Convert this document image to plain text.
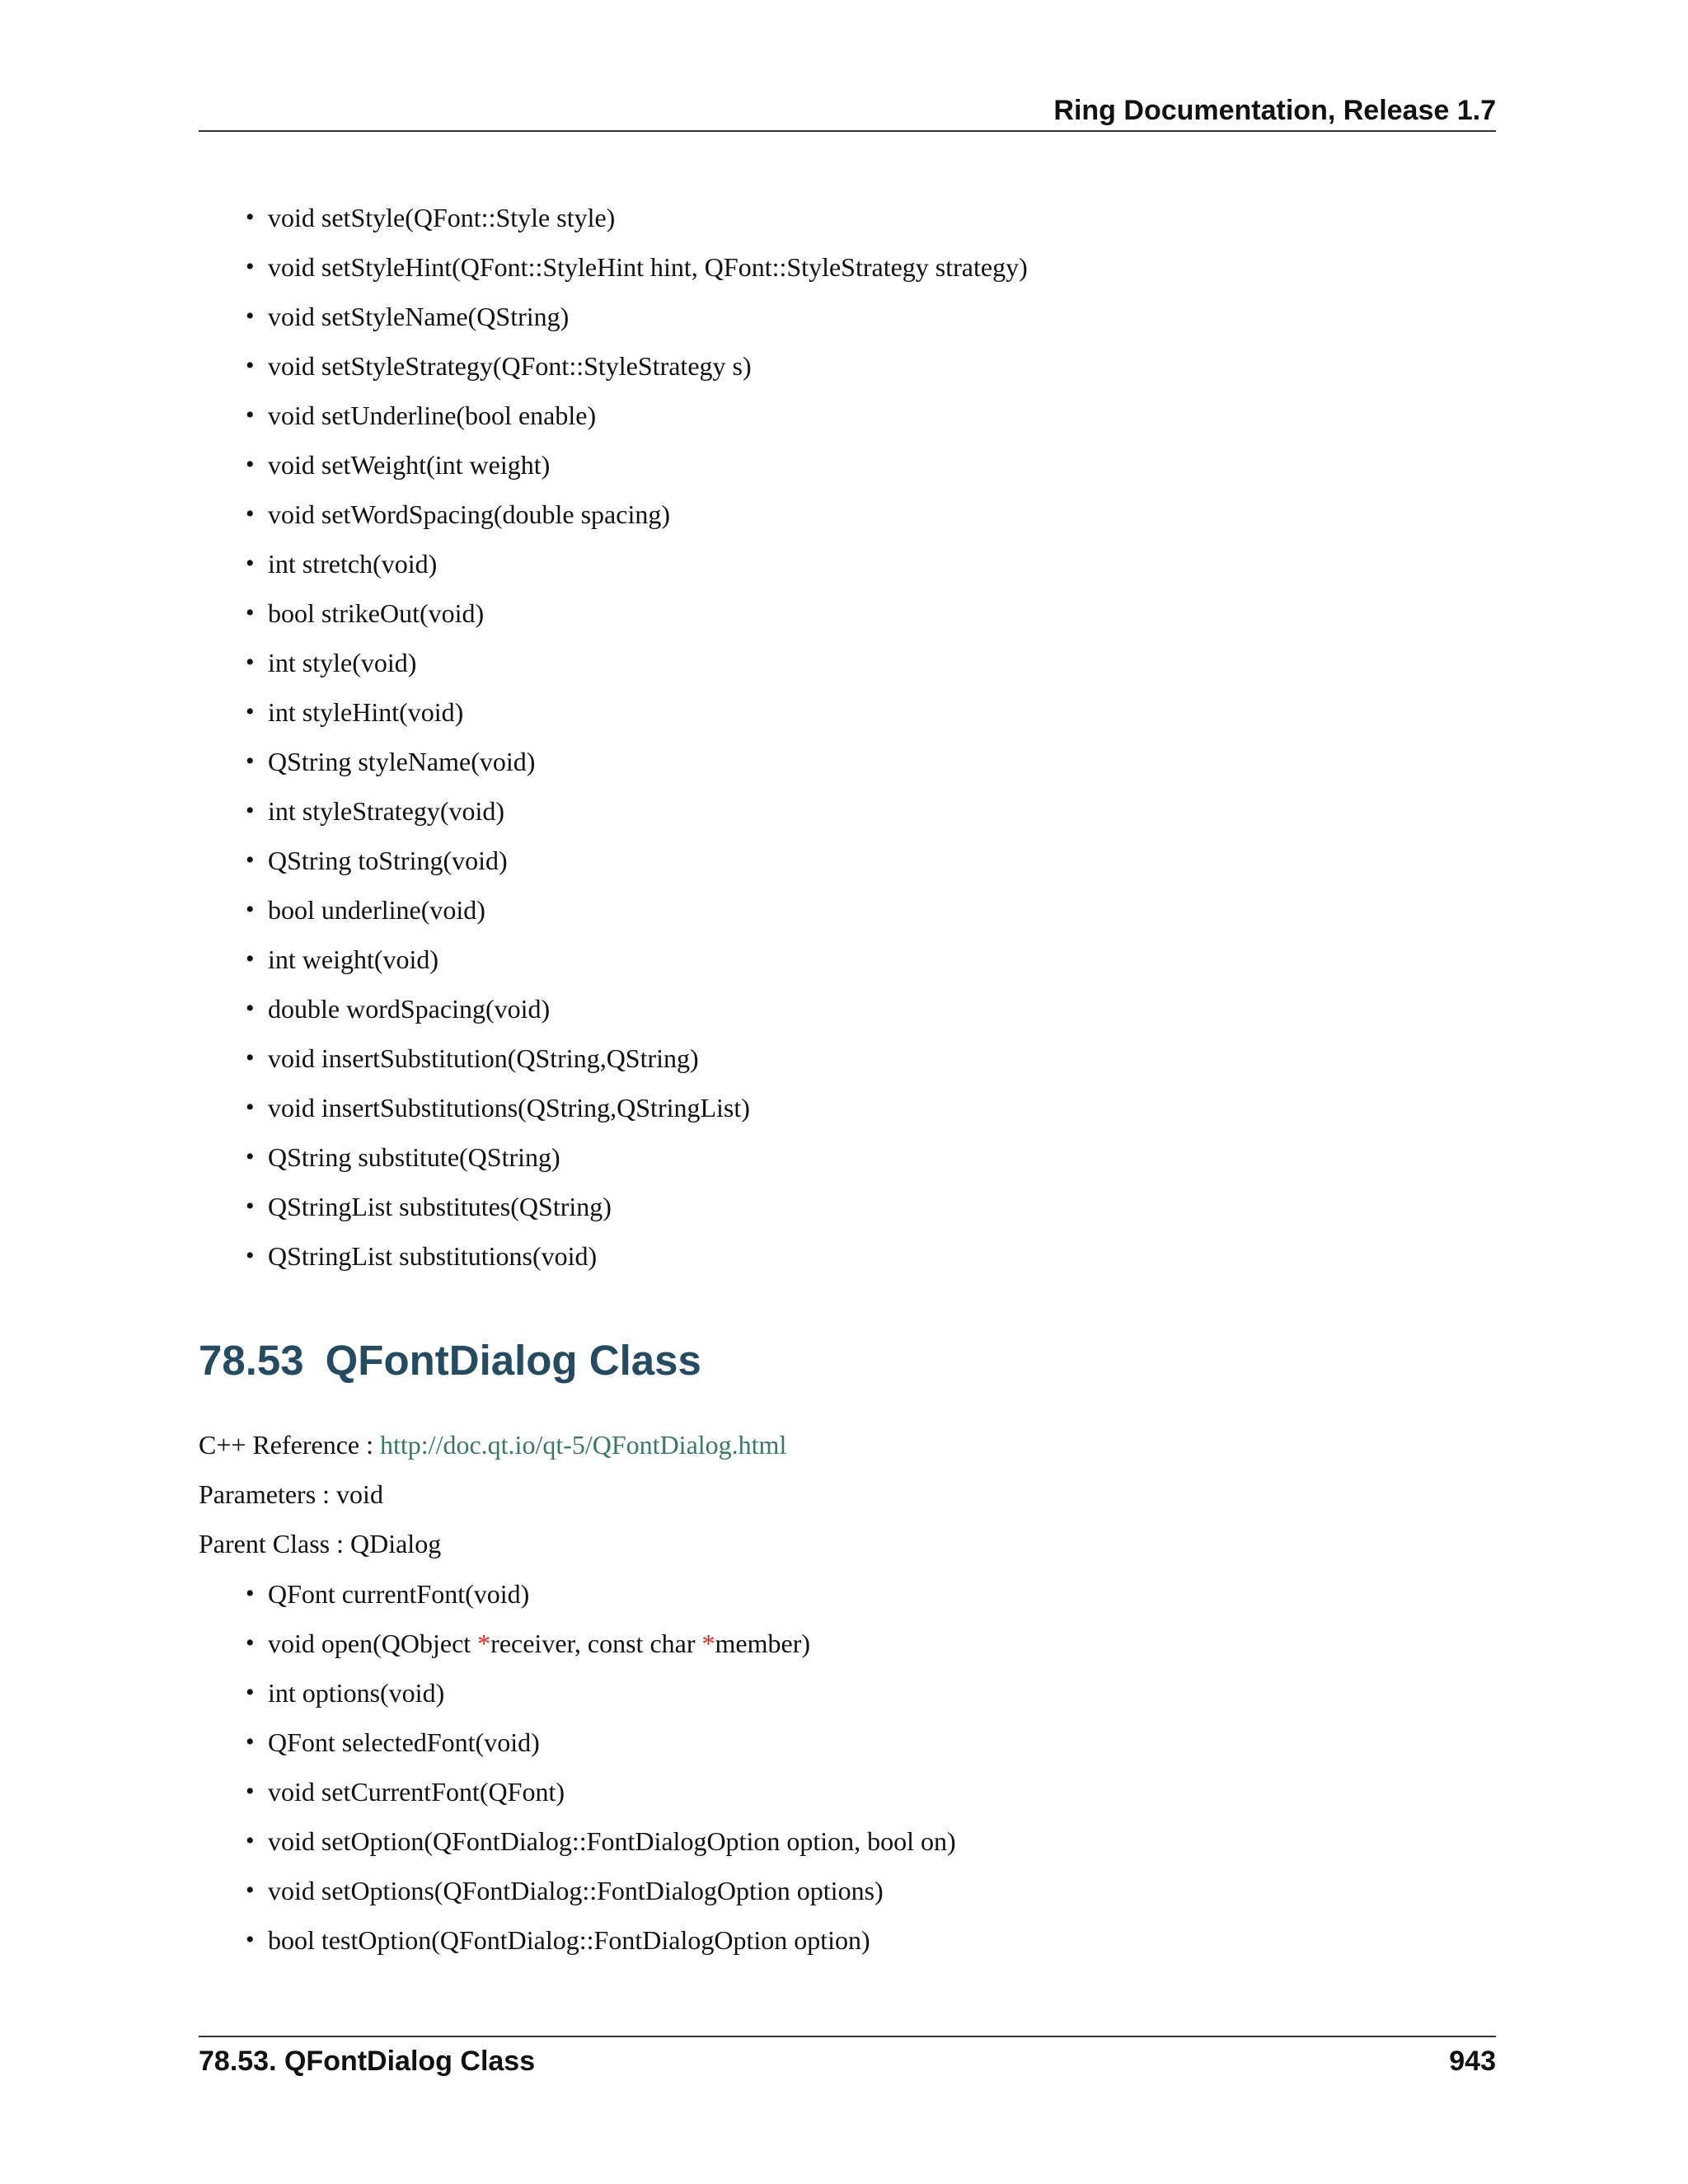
Ring Documentation, Release 1.7
• void setStyle(QFont::Style style)
• void setStyleHint(QFont::StyleHint hint, QFont::StyleStrategy strategy)
• void setStyleName(QString)
• void setStyleStrategy(QFont::StyleStrategy s)
• void setUnderline(bool enable)
• void setWeight(int weight)
• void setWordSpacing(double spacing)
• int stretch(void)
• bool strikeOut(void)
• int style(void)
• int styleHint(void)
• QString styleName(void)
• int styleStrategy(void)
• QString toString(void)
• bool underline(void)
• int weight(void)
• double wordSpacing(void)
• void insertSubstitution(QString,QString)
• void insertSubstitutions(QString,QStringList)
• QString substitute(QString)
• QStringList substitutes(QString)
• QStringList substitutions(void)
78.53 QFontDialog Class
C++ Reference : http://doc.qt.io/qt-5/QFontDialog.html
Parameters : void
Parent Class : QDialog
• QFont currentFont(void)
• void open(QObject *receiver, const char *member)
• int options(void)
• QFont selectedFont(void)
• void setCurrentFont(QFont)
• void setOption(QFontDialog::FontDialogOption option, bool on)
• void setOptions(QFontDialog::FontDialogOption options)
• bool testOption(QFontDialog::FontDialogOption option)
78.53. QFontDialog Class	943
